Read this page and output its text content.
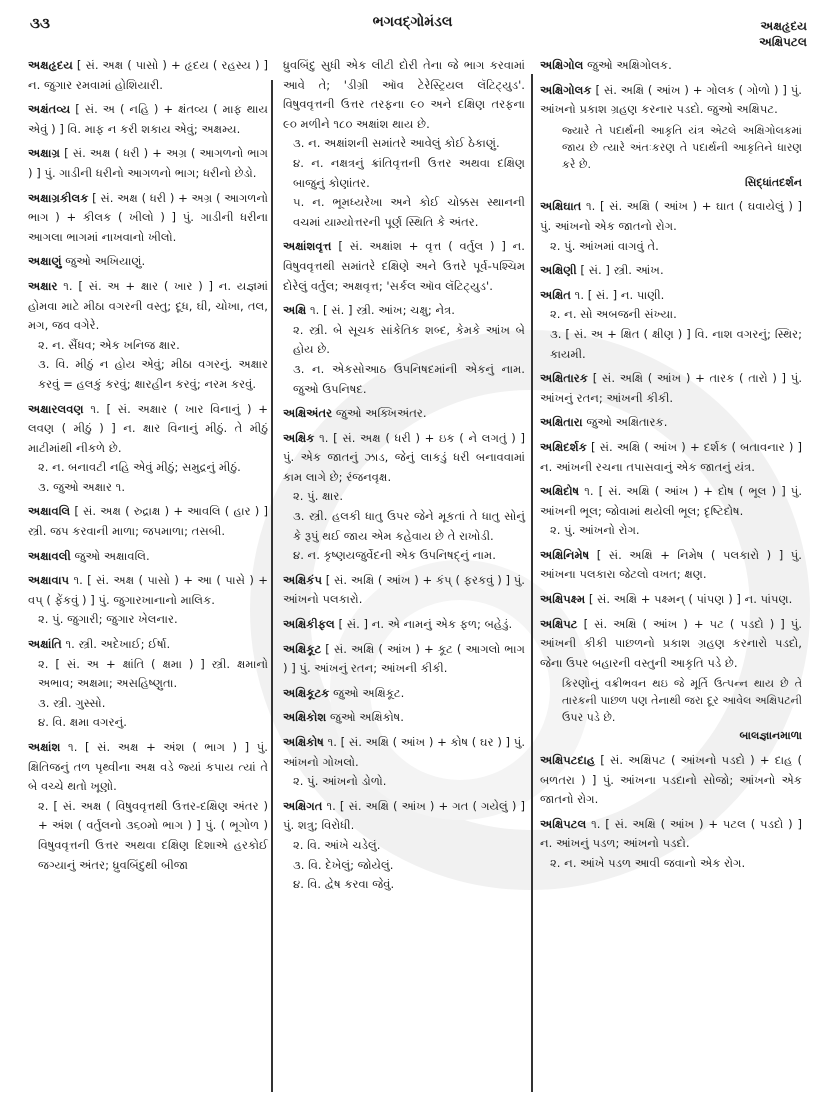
૩૩	ભગવદ્ગોમંડલ	અક્ષહૃદય
અક્ષિપટલ
અક્ષહૃદય [ સં. અક્ષ ( પાસો ) + હૃદય ( રહસ્ય ) ] ન. જુગાર રમવામાં હોશિયારી.
અક્ષંતવ્ય [ સં. અ ( નહિ ) + ક્ષંતવ્ય ( માફ થાય એવું ) ] વિ. માફ ન કરી શકાય એવું; અક્ષમ્ય.
અક્ષાગ્ર [ સં. અક્ષ ( ધરી ) + અગ્ર ( આગળનો ભાગ ) ] પું. ગાડીની ધરીનો આગળનો ભાગ; ધરીનો છેડો.
અક્ષાગ્રકીલક [ સં. અક્ષ ( ધરી ) + અગ્ર ( આગળનો ભાગ ) + કીલક ( ખીલો ) ] પું. ગાડીની ધરીના આગલા ભાગમાં નાખવાનો ખીલો.
અક્ષાણું જુઓ અખિયાણું.
અક્ષાર ૧. [ સં. અ + ક્ષાર ( ખાર ) ] ન. યજ્ઞમાં હોમવા માટે મીઠા વગરની વસ્તુ; દૂધ, ઘી, ચોખા, તલ, મગ, જવ વગેરે.
૨. ન. સૈંધવ; એક ખનિજ ક્ષાર.
૩. વિ. મીઠું ન હોય એવું; મીઠા વગરનું. અક્ષાર કરવું = હલકું કરવું; ક્ષારહીન કરવું; નરમ કરવું.
અક્ષારલવણ ૧. [ સં. અક્ષાર ( ખાર વિનાનું ) + લવણ ( મીઠું ) ] ન. ક્ષાર વિનાનું મીઠું. તે મીઠું માટીમાંથી નીકળે છે.
૨. ન. બનાવટી નહિ એવું મીઠું; સમુદ્રનું મીઠું.
૩. જુઓ અક્ષાર ૧.
અક્ષાવલિ [ સં. અક્ષ ( રુદ્રાક્ષ ) + આવલિ ( હાર ) ] સ્ત્રી. જપ કરવાની માળા; જપમાળા; તસબી.
અક્ષાવલી જુઓ અક્ષાવલિ.
અક્ષાવાપ ૧. [ સં. અક્ષ ( પાસો ) + આ ( પાસે ) + વપ્ ( ફેંકવું ) ] પું. જુગારખાનાનો માલિક.
૨. પું. જુગારી; જુગાર ખેલનાર.
અક્ષાંતિ ૧. સ્ત્રી. અદેખાઈ; ઈર્ષા.
૨. [ સં. અ + ક્ષાંતિ ( ક્ષમા ) ] સ્ત્રી. ક્ષમાનો અભાવ; અક્ષમા; અસહિષ્ણુતા.
૩. સ્ત્રી. ગુસ્સો.
૪. વિ. ક્ષમા વગરનું.
અક્ષાંશ ૧. [ સં. અક્ષ + અંશ ( ભાગ ) ] પું. ક્ષિતિજનું તળ પૃથ્વીના અક્ષ વડે જ્યાં કપાય ત્યાં તે બે વચ્ચે થતો ખૂણો.
૨. [ સં. અક્ષ ( વિષુવવૃત્તથી ઉત્તર-દક્ષિણ અંતર ) + અંશ ( વર્તુલનો ૩૬૦મો ભાગ ) ] પું. ( ભૂગોળ ) વિષુવવૃત્તની ઉત્તર અથવા દક્ષિણ દિશાએ હરકોઈ જગ્યાનું અંતર; ધ્રુવબિંદુથી બીજા
ધ્રુવબિંદુ સુધી એક લીટી દોરી તેના જે ભાગ કરવામાં આવે તે; 'ડીગ્રી ઑવ ટેરેસ્ટ્રિયલ લૅટિટ્યુડ'. વિષુવવૃત્તની ઉત્તર તરફના ૯૦ અને દક્ષિણ તરફના ૯૦ મળીને ૧૮૦ અક્ષાંશ થાય છે.
૩. ન. અક્ષાંશની સમાંતરે આવેલું કોઈ ઠેકાણું.
૪. ન. નક્ષત્રનું ક્રાંતિવૃત્તની ઉત્તર અથવા દક્ષિણ બાજુનું કોણાંતર.
૫. ન. ભૂમધ્યરેખા અને કોઈ ચોક્કસ સ્થાનની વચમાં યામ્યોત્તરની પૂર્ણ સ્થિતિ કે અંતર.
અક્ષાંશવૃત્ત [ સં. અક્ષાંશ + વૃત્ત ( વર્તુલ ) ] ન. વિષુવવૃત્તથી સમાંતરે દક્ષિણે અને ઉત્તરે પૂર્વ-પશ્ચિમ દોરેલું વર્તુલ; અક્ષવૃત્ત; 'સર્કલ ઑવ લૅટિટ્યુડ'.
અક્ષિ ૧. [ સં. ] સ્ત્રી. આંખ; ચક્ષુ; નેત્ર.
૨. સ્ત્રી. બે સૂચક સાંકેતિક શબ્દ, કેમકે આંખ બે હોય છે.
૩. ન. એકસોઆઠ ઉપનિષદમાંની એકનું નામ. જુઓ ઉપનિષદ.
અક્ષિઅંતર જુઓ અક્ખિઅંતર.
અક્ષિક ૧. [ સં. અક્ષ ( ધરી ) + ઇક ( ને લગતું ) ] પું. એક જાતનું ઝાડ, જેનું લાકડું ધરી બનાવવામાં કામ લાગે છે; રંજનવૃક્ષ.
૨. પું. ક્ષાર.
૩. સ્ત્રી. હલકી ધાતુ ઉપર જેને મૂકતાં તે ધાતુ સોનું કે રૂપું થઈ જાય એમ કહેવાય છે તે રાખોડી.
૪. ન. કૃષ્ણયજુર્વેદની એક ઉપનિષદ્નું નામ.
અક્ષિકંપ [ સં. અક્ષિ ( આંખ ) + કંપ્ ( ફરકવું ) ] પું. આંખનો પલકારો.
અક્ષિકીફલ [ સં. ] ન. એ નામનું એક ફળ; બહેડું.
અક્ષિકૂટ [ સં. અક્ષિ ( આંખ ) + કૂટ ( આગલો ભાગ ) ] પું. આંખનું રતન; આંખની કીકી.
અક્ષિકૂટક જુઓ અક્ષિકૂટ.
અક્ષિકોશ જુઓ અક્ષિકોષ.
અક્ષિકોષ ૧. [ સં. અક્ષિ ( આંખ ) + કોષ ( ઘર ) ] પું. આંખનો ગોખલો.
૨. પું. આંખનો ડોળો.
અક્ષિગત ૧. [ સં. અક્ષિ ( આંખ ) + ગત ( ગયેલું ) ] પું. શત્રુ; વિરોધી.
૨. વિ. આંખે ચડેલું.
૩. વિ. દેખેલું; જોયેલું.
૪. વિ. દ્વેષ કરવા જેવું.
અક્ષિગોલ જુઓ અક્ષિગોલક.
અક્ષિગોલક [ સં. અક્ષિ ( આંખ ) + ગોલક ( ગોળો ) ] પું. આંખનો પ્રકાશ ગ્રહણ કરનાર પડદો. જુઓ અક્ષિપટ.
જ્યારે તે પદાર્થની આકૃતિ યંત્ર એટલે અક્ષિગોલકમાં જાય છે ત્યારે અંતઃકરણ તે પદાર્થની આકૃતિને ધારણ કરે છે.
સિદ્ધાંતદર્શન
અક્ષિઘાત ૧. [ સં. અક્ષિ ( આંખ ) + ઘાત ( ઘવાયેલું ) ] પું. આંખનો એક જાતનો રોગ.
૨. પું. આંખમાં વાગવું તે.
અક્ષિણી [ સં. ] સ્ત્રી. આંખ.
અક્ષિત ૧. [ સં. ] ન. પાણી.
૨. ન. સો અબજની સંખ્યા.
૩. [ સં. અ + ક્ષિત ( ક્ષીણ ) ] વિ. નાશ વગરનું; સ્થિર; કાયમી.
અક્ષિતારક [ સં. અક્ષિ ( આંખ ) + તારક ( તારો ) ] પું. આંખનું રતન; આંખની કીકી.
અક્ષિતારા જુઓ અક્ષિતારક.
અક્ષિદર્શક [ સં. અક્ષિ ( આંખ ) + દર્શક ( બતાવનાર ) ] ન. આંખની રચના તપાસવાનું એક જાતનું યંત્ર.
અક્ષિદોષ ૧. [ સં. અક્ષિ ( આંખ ) + દોષ ( ભૂલ ) ] પું. આંખની ભૂલ; જોવામાં થયેલી ભૂલ; દૃષ્ટિદોષ.
૨. પું. આંખનો રોગ.
અક્ષિનિમેષ [ સં. અક્ષિ + નિમેષ ( પલકારો ) ] પું. આંખના પલકારા જેટલો વખત; ક્ષણ.
અક્ષિપક્ષ્મ [ સં. અક્ષિ + પક્ષ્મન્ ( પાંપણ ) ] ન. પાંપણ.
અક્ષિપટ [ સં. અક્ષિ ( આંખ ) + પટ ( પડદો ) ] પું. આંખની કીકી પાછળનો પ્રકાશ ગ્રહણ કરનારો પડદો, જેના ઉપર બહારની વસ્તુની આકૃતિ પડે છે.
કિરણોનું વક્રીભવન થઇ જે મૂર્તિ ઉત્પન્ન થાય છે તે તારકની પાછળ પણ તેનાથી જરા દૂર આવેલ અક્ષિપટની ઉપર પડે છે.
બાલજ્ઞાનમાળા
અક્ષિપટદાહ [ સં. અક્ષિપટ ( આંખનો પડદો ) + દાહ ( બળતરા ) ] પું. આંખના પડદાનો સોજો; આંખનો એક જાતનો રોગ.
અક્ષિપટલ ૧. [ સં. અક્ષિ ( આંખ ) + પટલ ( પડદો ) ] ન. આંખનું પડળ; આંખનો પડદો.
૨. ન. આંખે પડળ આવી જવાનો એક રોગ.
